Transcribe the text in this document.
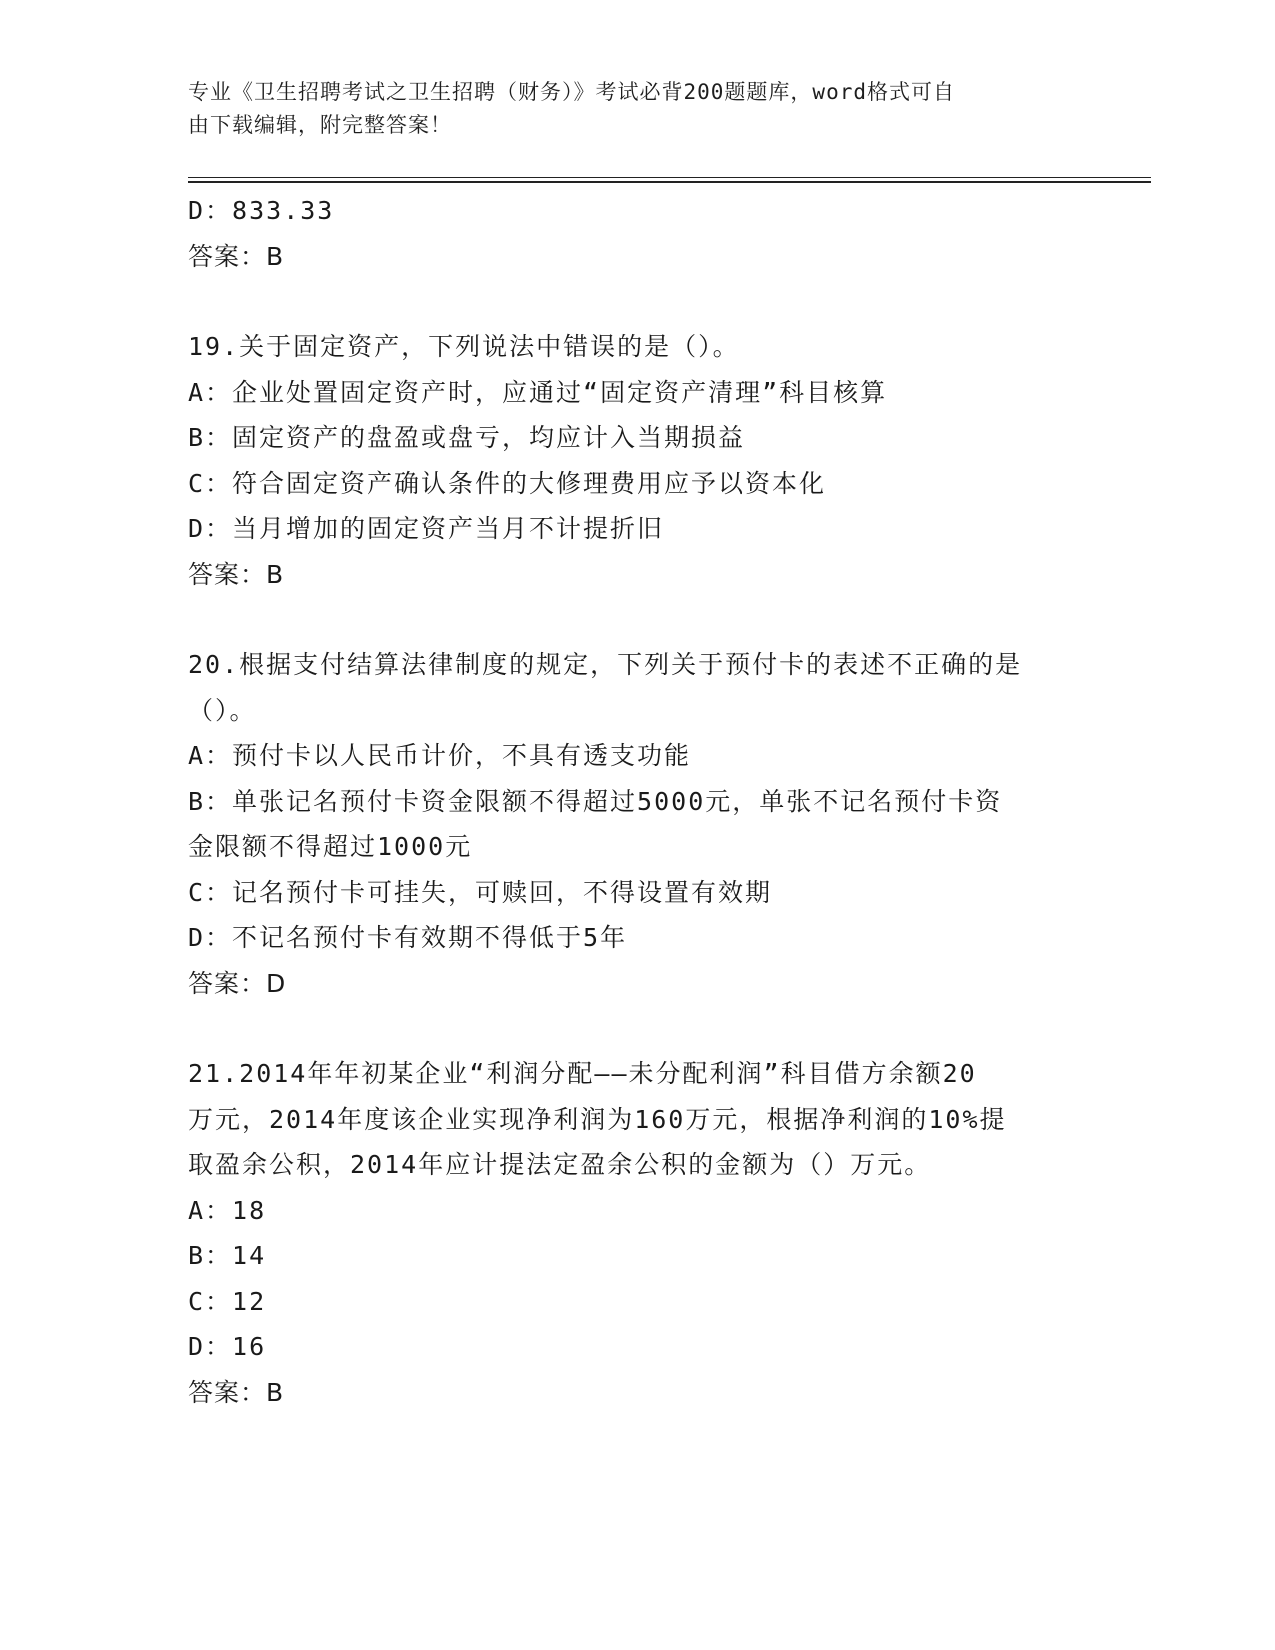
专业《卫生招聘考试之卫生招聘（财务）》考试必背200题题库，word格式可自
由下载编辑，附完整答案！
D：833.33
答案：B
19.关于固定资产，下列说法中错误的是（）。
A：企业处置固定资产时，应通过“固定资产清理”科目核算
B：固定资产的盘盈或盘亏，均应计入当期损益
C：符合固定资产确认条件的大修理费用应予以资本化
D：当月增加的固定资产当月不计提折旧
答案：B
20.根据支付结算法律制度的规定，下列关于预付卡的表述不正确的是
（）。
A：预付卡以人民币计价，不具有透支功能
B：单张记名预付卡资金限额不得超过5000元，单张不记名预付卡资
金限额不得超过1000元
C：记名预付卡可挂失，可赎回，不得设置有效期
D：不记名预付卡有效期不得低于5年
答案：D
21.2014年年初某企业“利润分配——未分配利润”科目借方余额20
万元，2014年度该企业实现净利润为160万元，根据净利润的10%提
取盈余公积，2014年应计提法定盈余公积的金额为（）万元。
A：18
B：14
C：12
D：16
答案：B
